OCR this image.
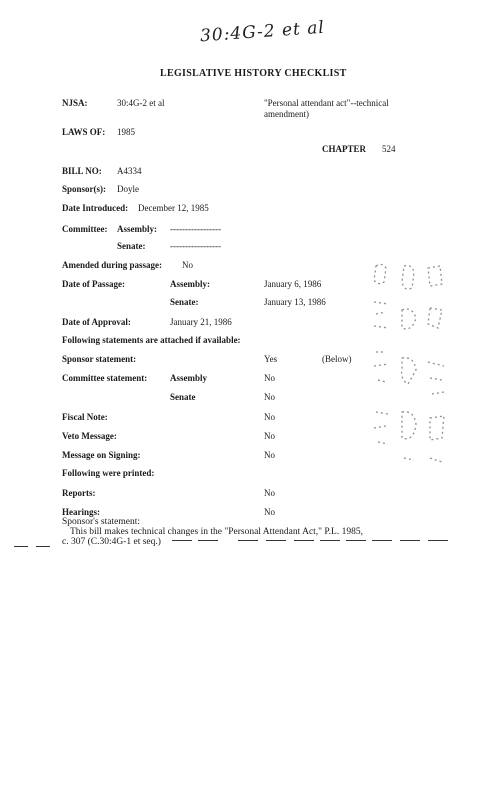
30:4G-2 et al
LEGISLATIVE HISTORY CHECKLIST
NJSA:	30:4G-2 et al	"Personal attendant act"--technical amendment)
LAWS OF: 1985
CHAPTER 524
BILL NO: A4334
Sponsor(s): Doyle
Date Introduced: December 12, 1985
Committee: Assembly: -----------------
Senate:	-----------------
Amended during passage: No
Date of Passage:	Assembly:	January 6, 1986
Senate:	January 13, 1986
Date of Approval:	January 21, 1986
Following statements are attached if available:
Sponsor statement:	Yes	(Below)
Committee statement:	Assembly	No
Senate	No
Fiscal Note:	No
Veto Message:	No
Message on Signing:	No
Following were printed:
Reports:	No
Hearings:	No
Sponsor's statement:
This bill makes technical changes in the "Personal Attendant Act," P.L. 1985,
c. 307 (C.30:4G-1 et seq.)
